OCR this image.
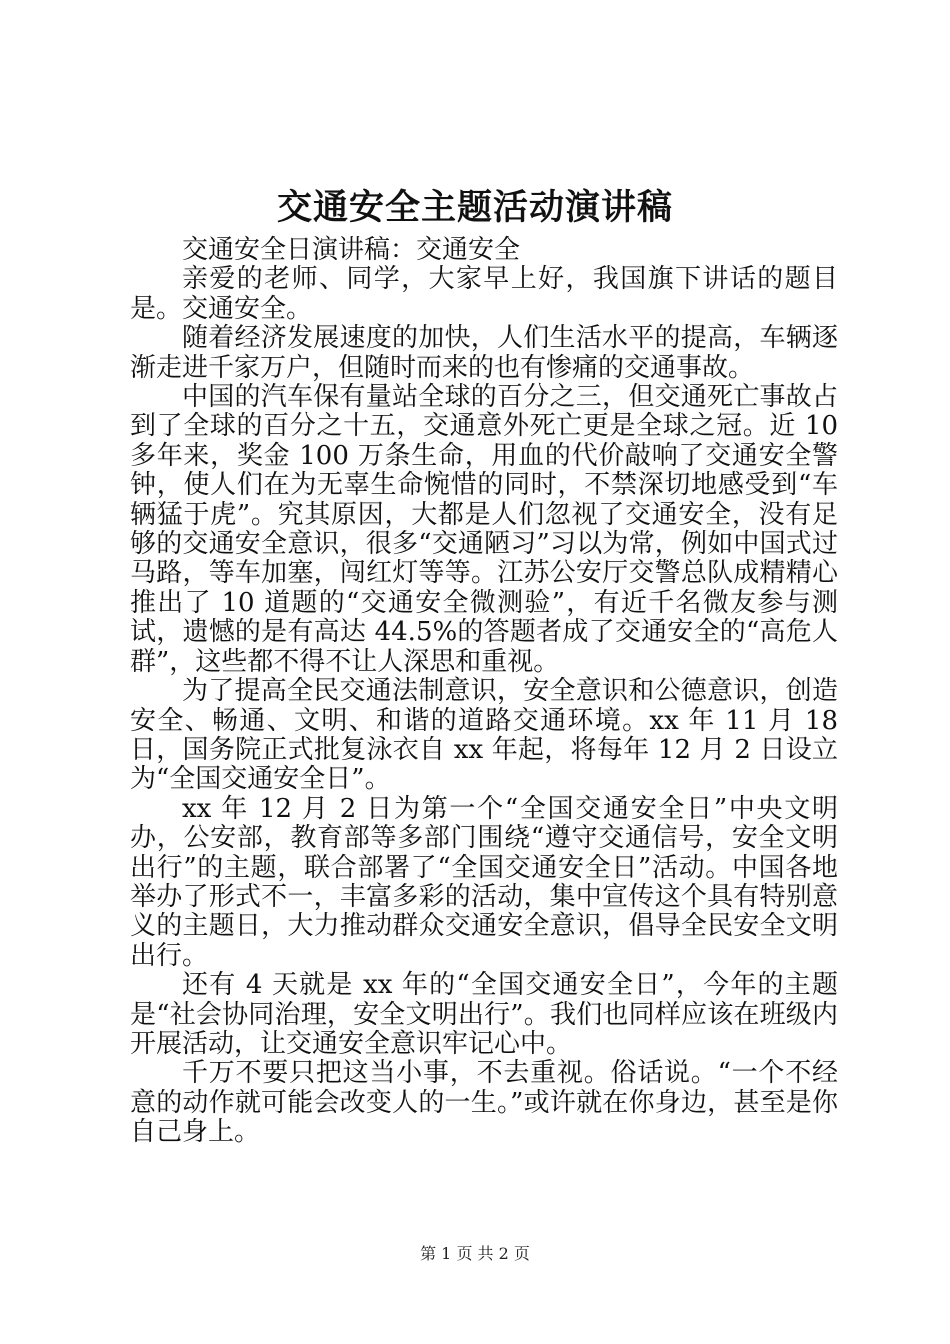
交通安全主题活动演讲稿

交通安全日演讲稿：交通安全

亲爱的老师、同学，大家早上好，我国旗下讲话的题目是。交通安全。

随着经济发展速度的加快，人们生活水平的提高，车辆逐渐走进千家万户，但随时而来的也有惨痛的交通事故。

中国的汽车保有量站全球的百分之三，但交通死亡事故占到了全球的百分之十五，交通意外死亡更是全球之冠。近 10 多年来，奖金 100 万条生命，用血的代价敲响了交通安全警钟，使人们在为无辜生命惋惜的同时，不禁深切地感受到“车辆猛于虎”。究其原因，大都是人们忽视了交通安全，没有足够的交通安全意识，很多“交通陋习”习以为常，例如中国式过马路，等车加塞，闯红灯等等。江苏公安厅交警总队成精精心推出了 10 道题的“交通安全微测验”，有近千名微友参与测试，遗憾的是有高达 44.5%的答题者成了交通安全的“高危人群”，这些都不得不让人深思和重视。

为了提高全民交通法制意识，安全意识和公德意识，创造安全、畅通、文明、和谐的道路交通环境。xx 年 11 月 18 日，国务院正式批复泳衣自 xx 年起，将每年 12 月 2 日设立为“全国交通安全日”。

xx 年 12 月 2 日为第一个“全国交通安全日”中央文明办，公安部，教育部等多部门围绕“遵守交通信号，安全文明出行”的主题，联合部署了“全国交通安全日”活动。中国各地举办了形式不一，丰富多彩的活动，集中宣传这个具有特别意义的主题日，大力推动群众交通安全意识，倡导全民安全文明出行。

还有 4 天就是 xx 年的“全国交通安全日”，今年的主题是“社会协同治理，安全文明出行”。我们也同样应该在班级内开展活动，让交通安全意识牢记心中。

千万不要只把这当小事，不去重视。俗话说。“一个不经意的动作就可能会改变人的一生。”或许就在你身边，甚至是你自己身上。

第 1 页 共 2 页
